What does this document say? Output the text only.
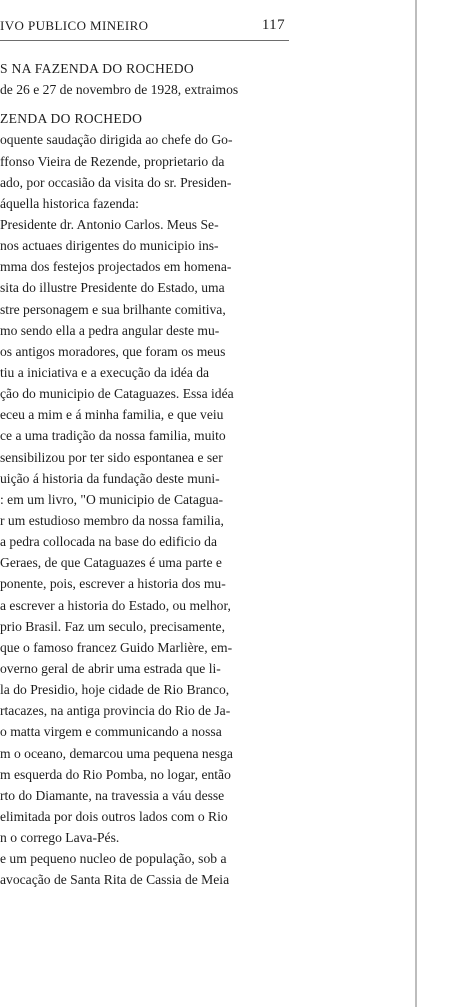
IVO PUBLICO MINEIRO	117
S NA FAZENDA DO ROCHEDO
de 26 e 27 de novembro de 1928, extraimos
ZENDA DO ROCHEDO
oquente saudação dirigida ao chefe do Go-
ffonso Vieira de Rezende, proprietario da
ado, por occasião da visita do sr. Presiden-
áquella historica fazenda:
Presidente dr. Antonio Carlos. Meus Se-
nos actuaes dirigentes do municipio ins-
mma dos festejos projectados em homena-
sita do illustre Presidente do Estado, uma
stre personagem e sua brilhante comitiva,
mo sendo ella a pedra angular deste mu-
os antigos moradores, que foram os meus
tiu a iniciativa e a execução da idéa da
ção do municipio de Cataguazes. Essa idéa
eceu a mim e á minha familia, e que veiu
ce a uma tradição da nossa familia, muito
sensibilizou por ter sido espontanea e ser
uição á historia da fundação deste muni-
: em um livro, "O municipio de Catagua-
r um estudioso membro da nossa familia,
a pedra collocada na base do edificio da
Geraes, de que Cataguazes é uma parte e
ponente, pois, escrever a historia dos mu-
a escrever a historia do Estado, ou melhor,
prio Brasil. Faz um seculo, precisamente,
que o famoso francez Guido Marlière, em-
overno geral de abrir uma estrada que li-
la do Presidio, hoje cidade de Rio Branco,
rtacazes, na antiga provincia do Rio de Ja-
o matta virgem e communicando a nossa
m o oceano, demarcou uma pequena nesga
m esquerda do Rio Pomba, no logar, então
rto do Diamante, na travessia a váu desse
elimitada por dois outros lados com o Rio
n o corrego Lava-Pés.
e um pequeno nucleo de população, sob a
avocação de Santa Rita de Cassia de Meia
